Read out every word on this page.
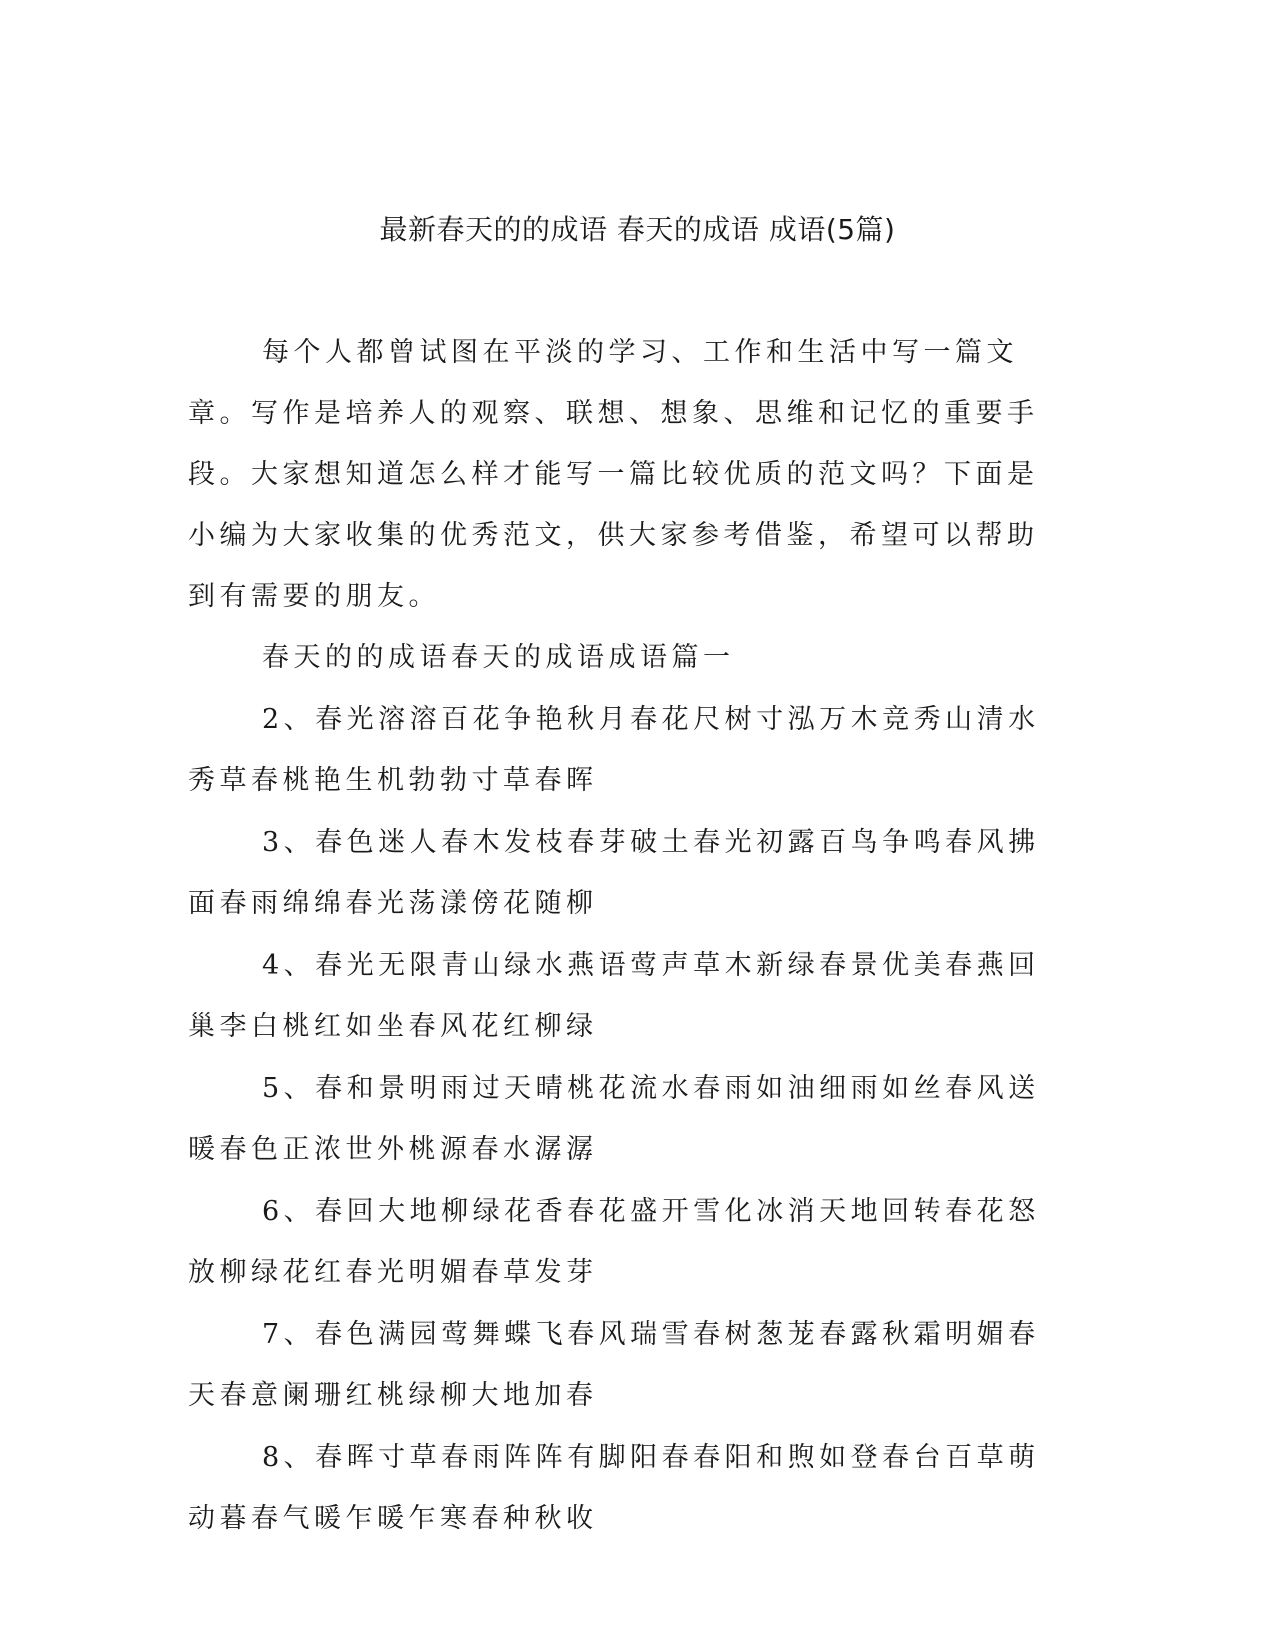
最新春天的的成语 春天的成语 成语(5篇)

每个人都曾试图在平淡的学习、工作和生活中写一篇文章。写作是培养人的观察、联想、想象、思维和记忆的重要手段。大家想知道怎么样才能写一篇比较优质的范文吗？下面是小编为大家收集的优秀范文，供大家参考借鉴，希望可以帮助到有需要的朋友。

春天的的成语春天的成语成语篇一

2、春光溶溶百花争艳秋月春花尺树寸泓万木竞秀山清水秀草春桃艳生机勃勃寸草春晖

3、春色迷人春木发枝春芽破土春光初露百鸟争鸣春风拂面春雨绵绵春光荡漾傍花随柳

4、春光无限青山绿水燕语莺声草木新绿春景优美春燕回巢李白桃红如坐春风花红柳绿

5、春和景明雨过天晴桃花流水春雨如油细雨如丝春风送暖春色正浓世外桃源春水潺潺

6、春回大地柳绿花香春花盛开雪化冰消天地回转春花怒放柳绿花红春光明媚春草发芽

7、春色满园莺舞蝶飞春风瑞雪春树葱茏春露秋霜明媚春天春意阑珊红桃绿柳大地加春

8、春晖寸草春雨阵阵有脚阳春春阳和煦如登春台百草萌动暮春气暖乍暖乍寒春种秋收
